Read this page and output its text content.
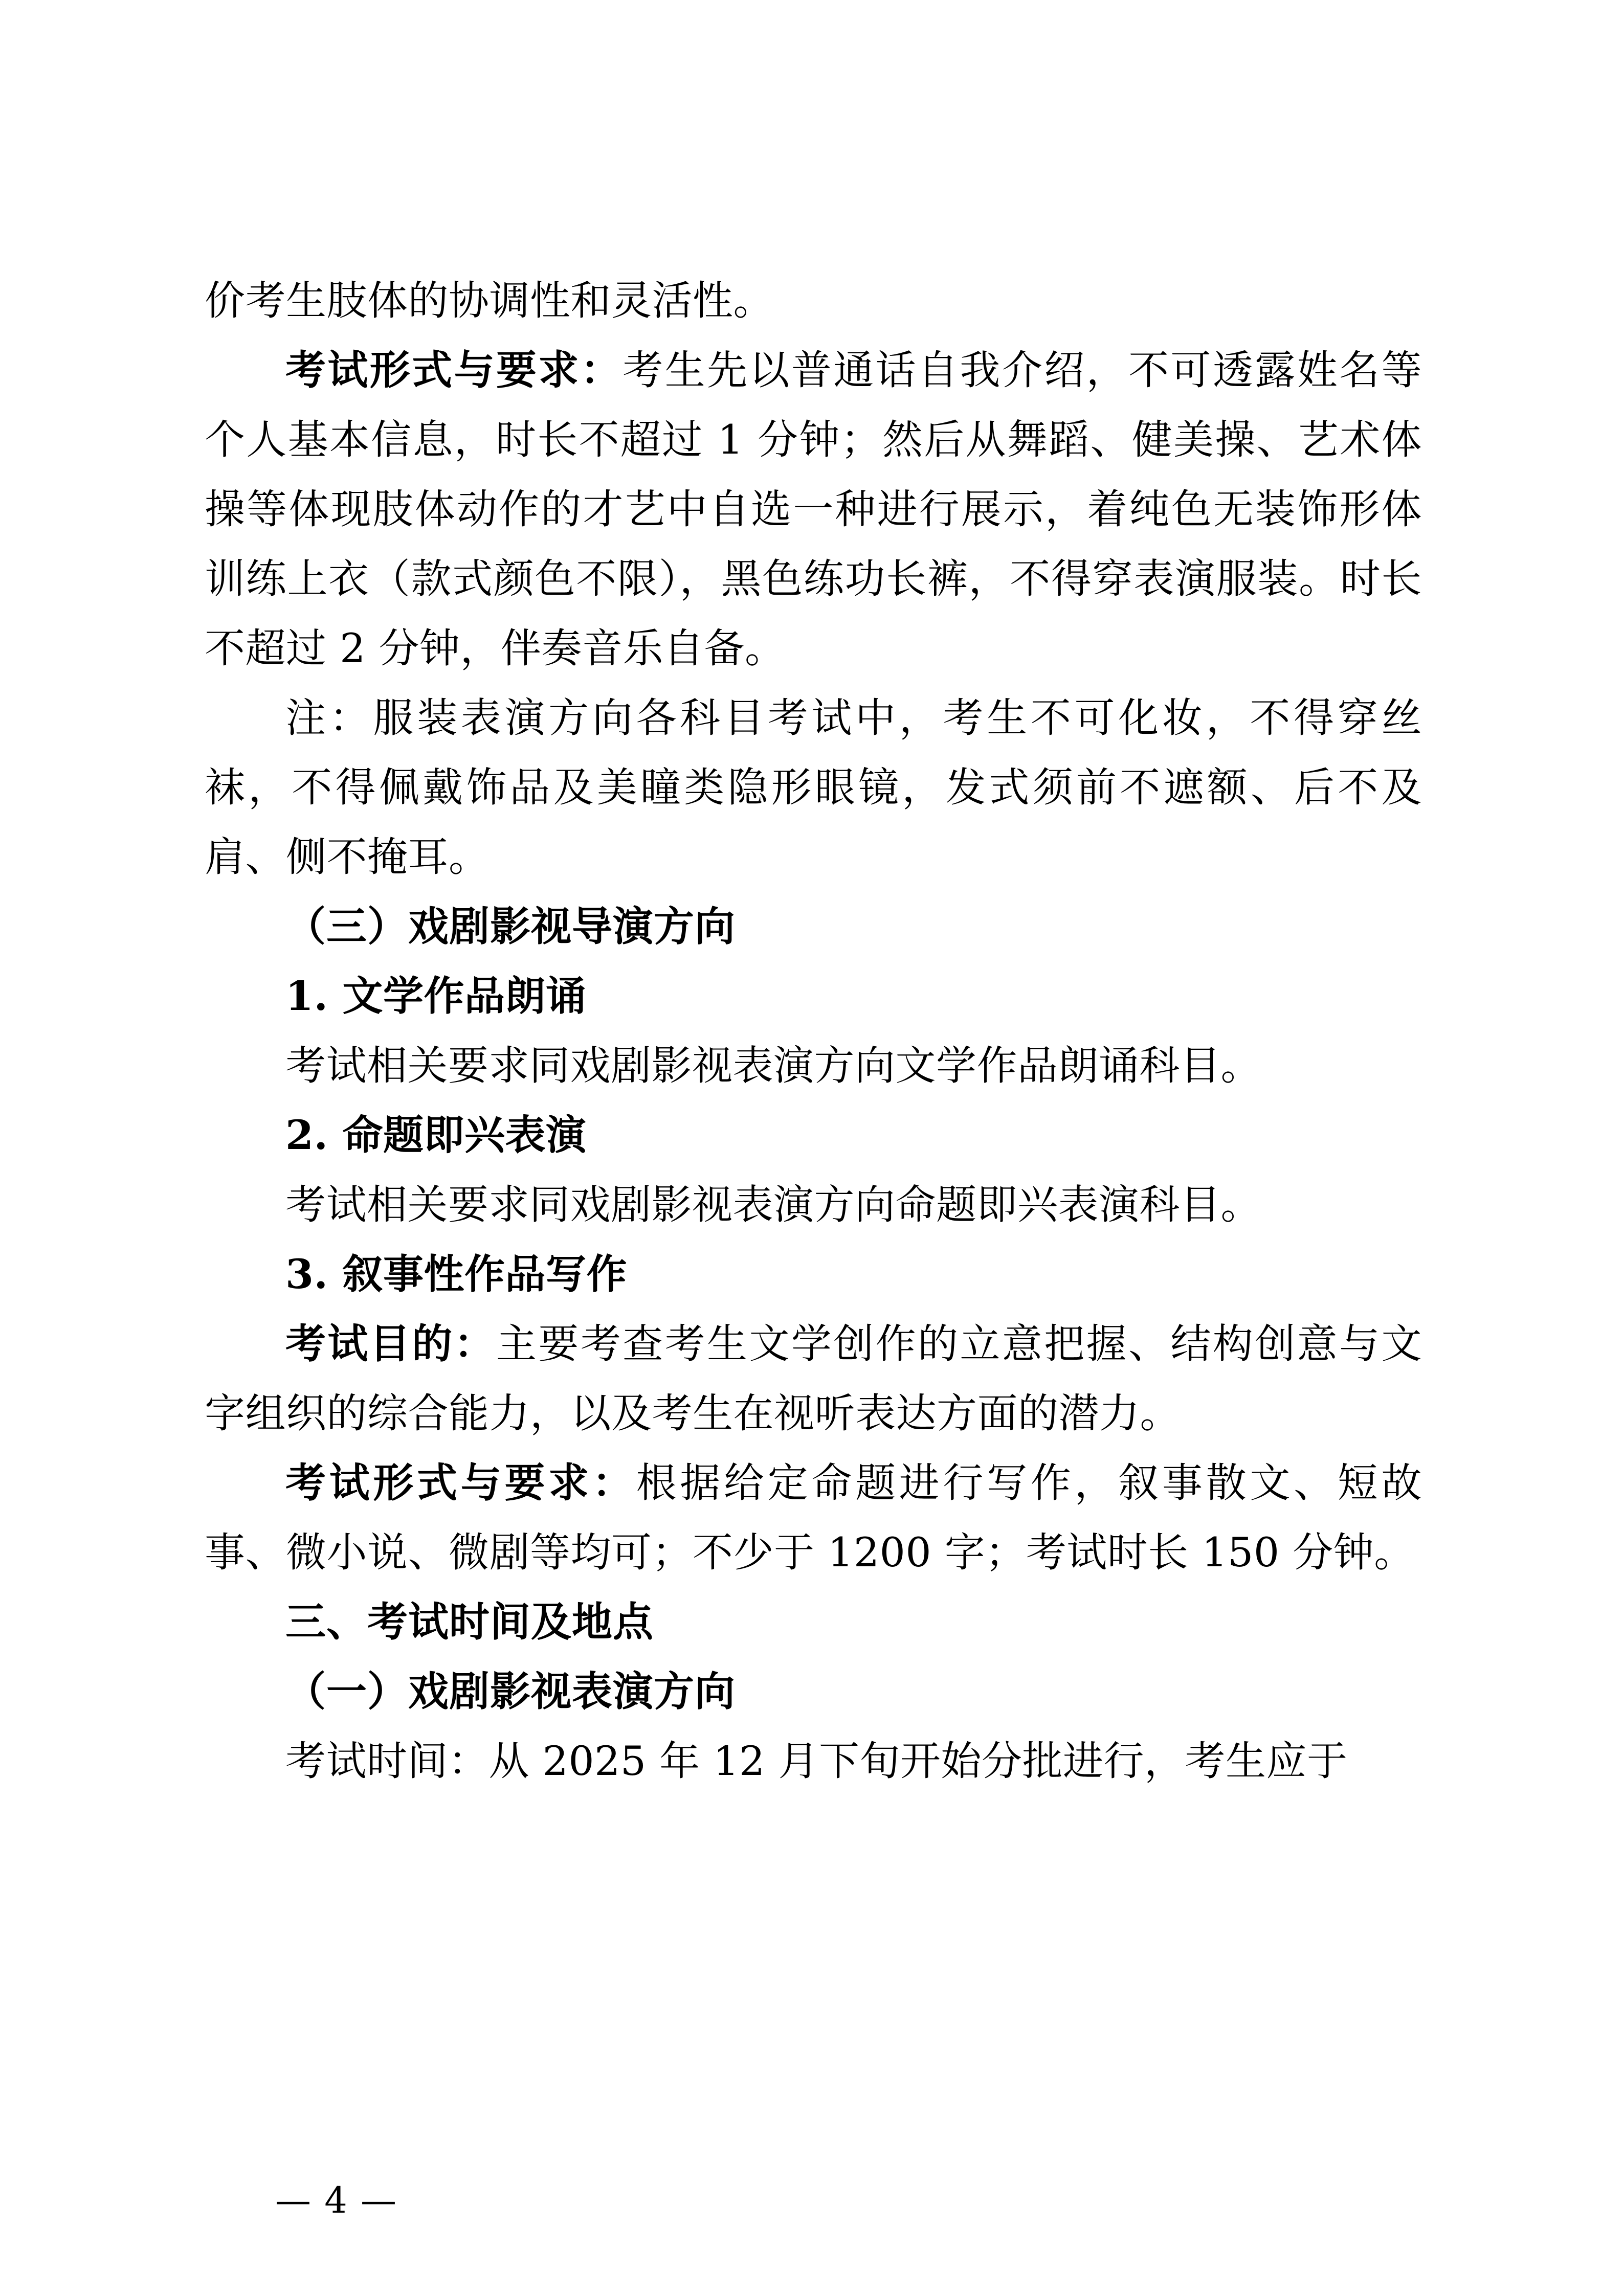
价考生肢体的协调性和灵活性。

考试形式与要求：考生先以普通话自我介绍，不可透露姓名等个人基本信息，时长不超过 1 分钟；然后从舞蹈、健美操、艺术体操等体现肢体动作的才艺中自选一种进行展示，着纯色无装饰形体训练上衣（款式颜色不限），黑色练功长裤，不得穿表演服装。时长不超过 2 分钟，伴奏音乐自备。

注：服装表演方向各科目考试中，考生不可化妆，不得穿丝袜，不得佩戴饰品及美瞳类隐形眼镜，发式须前不遮额、后不及肩、侧不掩耳。

（三）戏剧影视导演方向
1. 文学作品朗诵

考试相关要求同戏剧影视表演方向文学作品朗诵科目。

2. 命题即兴表演

考试相关要求同戏剧影视表演方向命题即兴表演科目。

3. 叙事性作品写作

考试目的：主要考查考生文学创作的立意把握、结构创意与文字组织的综合能力，以及考生在视听表达方面的潜力。

考试形式与要求：根据给定命题进行写作，叙事散文、短故事、微小说、微剧等均可；不少于 1200 字；考试时长 150 分钟。

三、考试时间及地点
（一）戏剧影视表演方向

考试时间：从 2025 年 12 月下旬开始分批进行，考生应于

— 4 —
